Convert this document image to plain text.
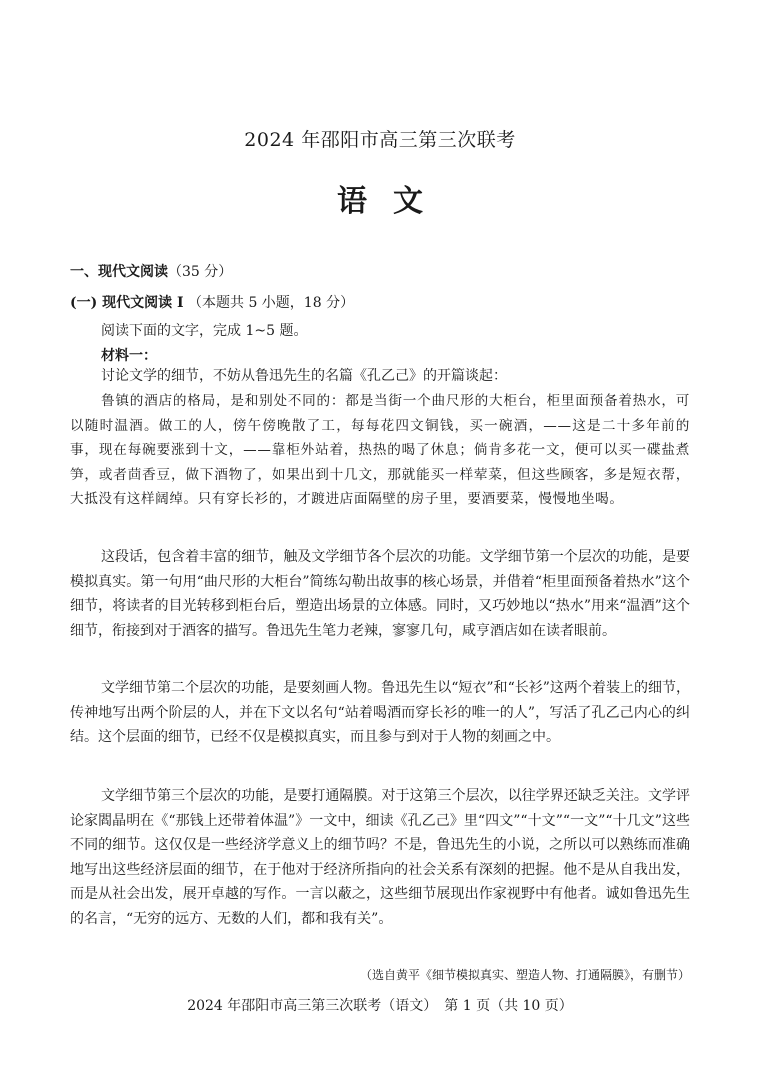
2024 年邵阳市高三第三次联考
语文
一、现代文阅读（35 分）
(一) 现代文阅读 I （本题共 5 小题，18 分）
阅读下面的文字，完成 1~5 题。
材料一：

讨论文学的细节，不妨从鲁迅先生的名篇《孔乙己》的开篇谈起：

鲁镇的酒店的格局，是和别处不同的：都是当街一个曲尺形的大柜台，柜里面预备着热水，可以随时温酒。做工的人，傍午傍晚散了工，每每花四文铜钱，买一碗酒，——这是二十多年前的事，现在每碗要涨到十文，——靠柜外站着，热热的喝了休息；倘肯多花一文，便可以买一碟盐煮笋，或者茴香豆，做下酒物了，如果出到十几文，那就能买一样荤菜，但这些顾客，多是短衣帮，大抵没有这样阔绰。只有穿长衫的，才踱进店面隔壁的房子里，要酒要菜，慢慢地坐喝。

这段话，包含着丰富的细节，触及文学细节各个层次的功能。文学细节第一个层次的功能，是要模拟真实。第一句用“曲尺形的大柜台”简练勾勒出故事的核心场景，并借着“柜里面预备着热水”这个细节，将读者的目光转移到柜台后，塑造出场景的立体感。同时，又巧妙地以“热水”用来“温酒”这个细节，衔接到对于酒客的描写。鲁迅先生笔力老辣，寥寥几句，咸亨酒店如在读者眼前。

文学细节第二个层次的功能，是要刻画人物。鲁迅先生以“短衣”和“长衫”这两个着装上的细节，传神地写出两个阶层的人，并在下文以名句“站着喝酒而穿长衫的唯一的人”，写活了孔乙己内心的纠结。这个层面的细节，已经不仅是模拟真实，而且参与到对于人物的刻画之中。

文学细节第三个层次的功能，是要打通隔膜。对于这第三个层次，以往学界还缺乏关注。文学评论家閻晶明在《“那钱上还带着体温”》一文中，细读《孔乙己》里“四文”“十文”“一文”“十几文”这些不同的细节。这仅仅是一些经济学意义上的细节吗？不是，鲁迅先生的小说，之所以可以熟练而准确地写出这些经济层面的细节，在于他对于经济所指向的社会关系有深刻的把握。他不是从自我出发，而是从社会出发，展开卓越的写作。一言以蔽之，这些细节展现出作家视野中有他者。诚如鲁迅先生的名言，“无穷的远方、无数的人们，都和我有关”。

（选自黄平《细节模拟真实、塑造人物、打通隔膜》，有删节）
2024 年邵阳市高三第三次联考（语文）　第 1 页（共 10 页）
